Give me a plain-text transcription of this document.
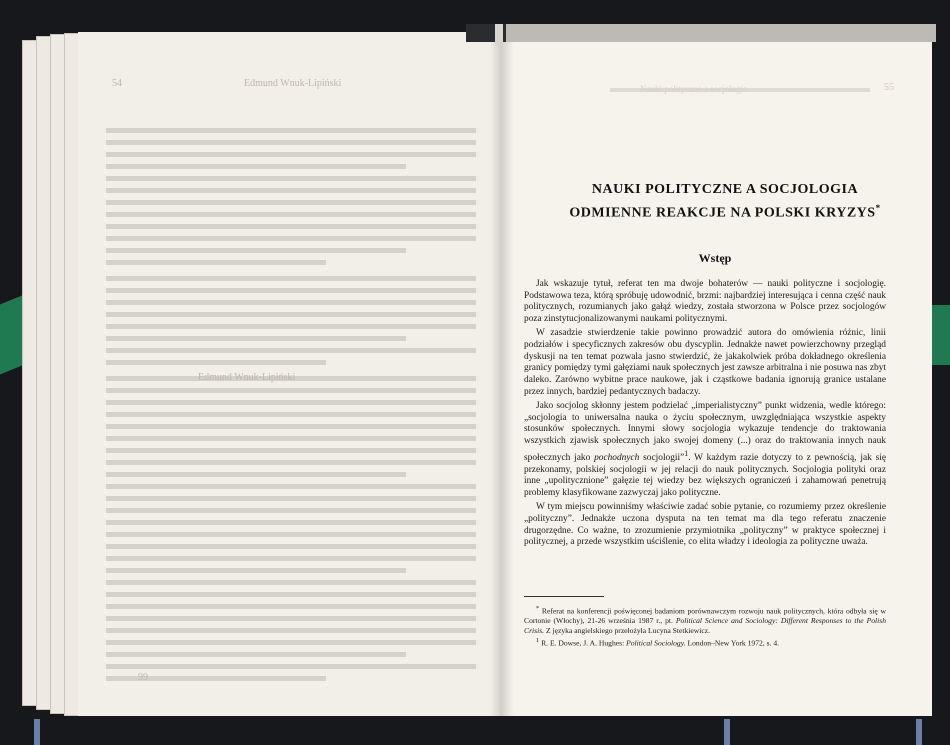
54	Edmund Wnuk-Lipiński
Edmund Wnuk-Lipiński
99
55
Nauki polityczne a socjologia
NAUKI POLITYCZNE A SOCJOLOGIA
ODMIENNE REAKCJE NA POLSKI KRYZYS*
Wstęp

Jak wskazuje tytuł, referat ten ma dwoje bohaterów — nauki polityczne i socjologię. Podstawowa teza, którą spróbuję udowodnić, brzmi: najbardziej interesująca i cenna część nauk politycznych, rozumianych jako gałąź wiedzy, została stworzona w Polsce przez socjologów poza zinstytucjonalizowanymi naukami politycznymi.

W zasadzie stwierdzenie takie powinno prowadzić autora do omówienia różnic, linii podziałów i specyficznych zakresów obu dyscyplin. Jednakże nawet powierzchowny przegląd dyskusji na ten temat pozwala jasno stwierdzić, że jakakolwiek próba dokładnego określenia granicy pomiędzy tymi gałęziami nauk społecznych jest zawsze arbitralna i nie posuwa nas zbyt daleko. Zarówno wybitne prace naukowe, jak i cząstkowe badania ignorują granice ustalane przez innych, bardziej pedantycznych badaczy.

Jako socjolog skłonny jestem podzielać „imperialistyczny” punkt widzenia, wedle którego: „socjologia to uniwersalna nauka o życiu społecznym, uwzględniająca wszystkie aspekty stosunków społecznych. Innymi słowy socjologia wykazuje tendencje do traktowania wszystkich zjawisk społecznych jako swojej domeny (...) oraz do traktowania innych nauk społecznych jako pochodnych socjologii”$^1$. W każdym razie dotyczy to z pewnością, jak się przekonamy, polskiej socjologii w jej relacji do nauk politycznych. Socjologia polityki oraz inne „upolitycznione” gałęzie tej wiedzy bez większych ograniczeń i zahamowań penetrują problemy klasyfikowane zazwyczaj jako polityczne.

W tym miejscu powinniśmy właściwie zadać sobie pytanie, co rozumiemy przez określenie „polityczny”. Jednakże uczona dysputa na ten temat ma dla tego referatu znaczenie drugorzędne. Co ważne, to zrozumienie przymiotnika „polityczny” w praktyce społecznej i politycznej, a przede wszystkim uściślenie, co elita władzy i ideologia za polityczne uważa.

* Referat na konferencji poświęconej badaniom porównawczym rozwoju nauk politycznych, która odbyła się w Cortonie (Włochy), 21-26 września 1987 r., pt. Political Science and Sociology: Different Responses to the Polish Crisis. Z języka angielskiego przełożyła Lucyna Stetkiewicz.

$^1$ R. E. Dowse, J. A. Hughes: Political Sociology. London–New York 1972, s. 4.
